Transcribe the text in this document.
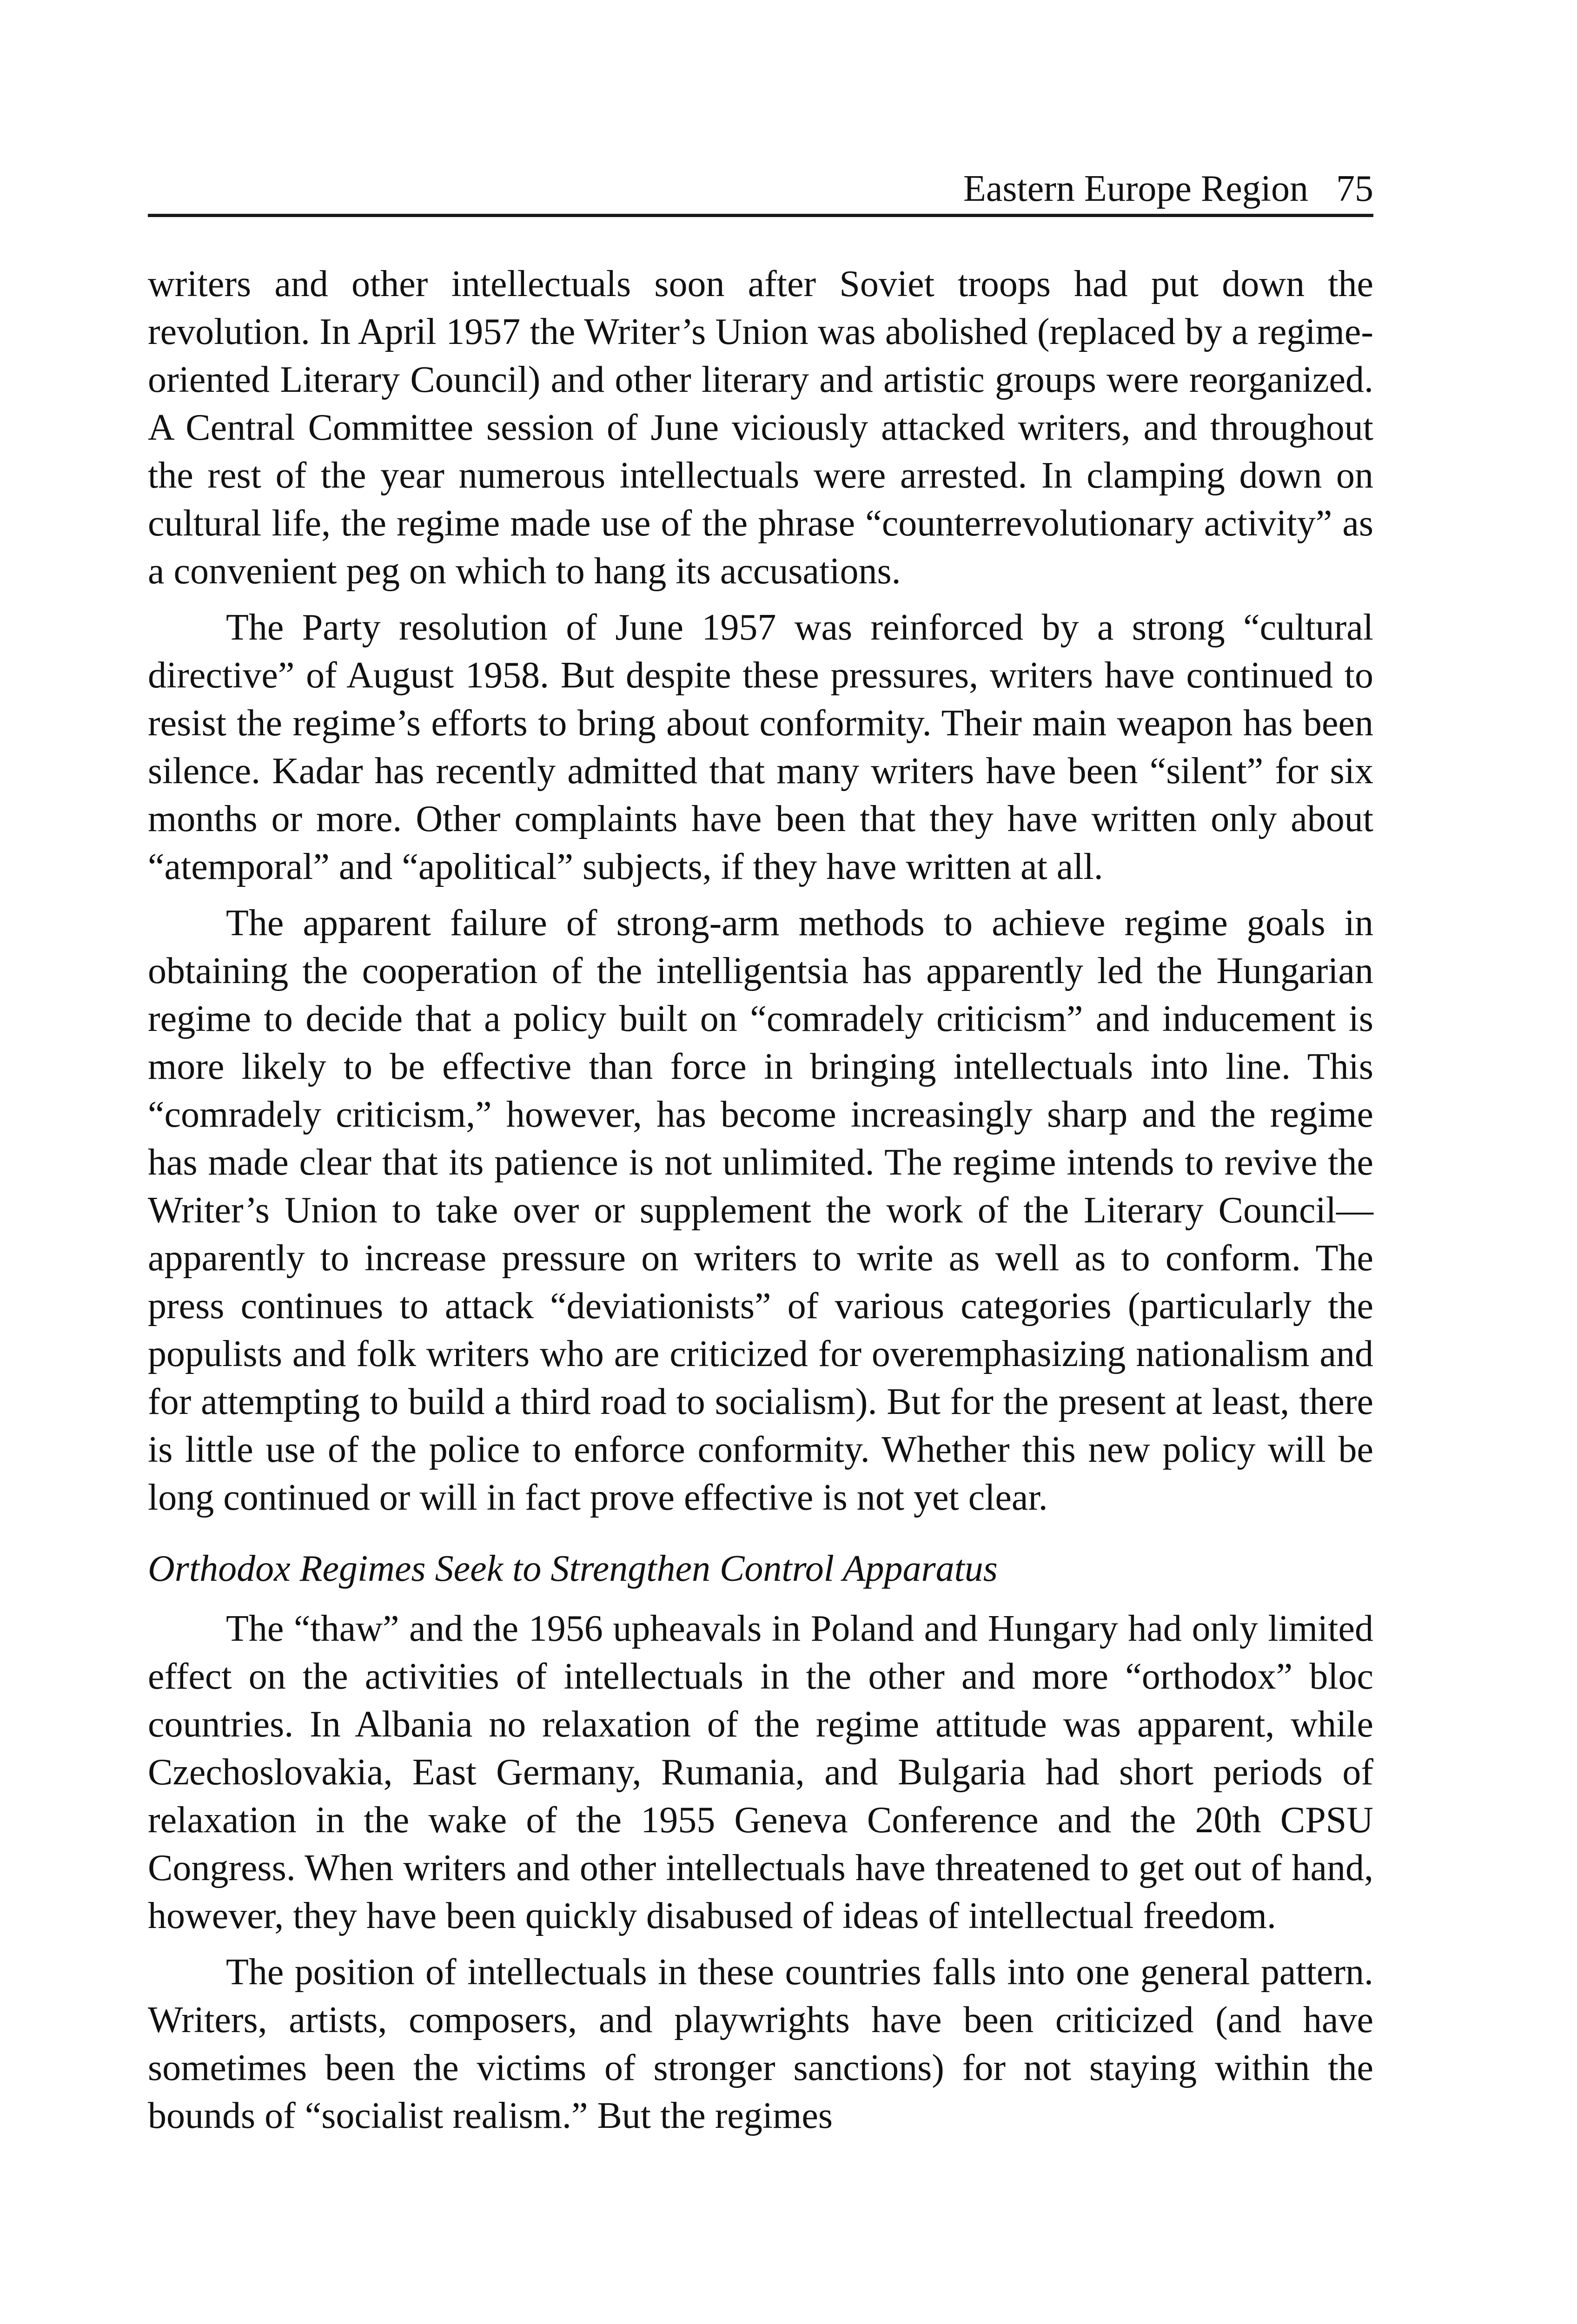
Eastern Europe Region 75

writers and other intellectuals soon after Soviet troops had put down the revolution. In April 1957 the Writer’s Union was abolished (replaced by a regime-oriented Literary Council) and other literary and artistic groups were reorganized. A Central Committee session of June viciously attacked writers, and throughout the rest of the year numerous intellectuals were arrested. In clamping down on cultural life, the regime made use of the phrase “counterrevolutionary activity” as a convenient peg on which to hang its accusations.

The Party resolution of June 1957 was reinforced by a strong “cultural directive” of August 1958. But despite these pressures, writers have continued to resist the regime’s efforts to bring about conformity. Their main weapon has been silence. Kadar has recently admitted that many writers have been “silent” for six months or more. Other complaints have been that they have written only about “atemporal” and “apolitical” subjects, if they have written at all.

The apparent failure of strong-arm methods to achieve regime goals in obtaining the cooperation of the intelligentsia has apparently led the Hungarian regime to decide that a policy built on “comradely criticism” and inducement is more likely to be effective than force in bringing intellectuals into line. This “comradely criticism,” however, has become increasingly sharp and the regime has made clear that its patience is not unlimited. The regime intends to revive the Writer’s Union to take over or supplement the work of the Literary Council—apparently to increase pressure on writers to write as well as to conform. The press continues to attack “deviationists” of various categories (particularly the populists and folk writers who are criticized for overemphasizing nationalism and for attempting to build a third road to socialism). But for the present at least, there is little use of the police to enforce conformity. Whether this new policy will be long continued or will in fact prove effective is not yet clear.

Orthodox Regimes Seek to Strengthen Control Apparatus

The “thaw” and the 1956 upheavals in Poland and Hungary had only limited effect on the activities of intellectuals in the other and more “orthodox” bloc countries. In Albania no relaxation of the regime attitude was apparent, while Czechoslovakia, East Germany, Rumania, and Bulgaria had short periods of relaxation in the wake of the 1955 Geneva Conference and the 20th CPSU Congress. When writers and other intellectuals have threatened to get out of hand, however, they have been quickly disabused of ideas of intellectual freedom.

The position of intellectuals in these countries falls into one general pattern. Writers, artists, composers, and playwrights have been criticized (and have sometimes been the victims of stronger sanctions) for not staying within the bounds of “socialist realism.” But the regimes
